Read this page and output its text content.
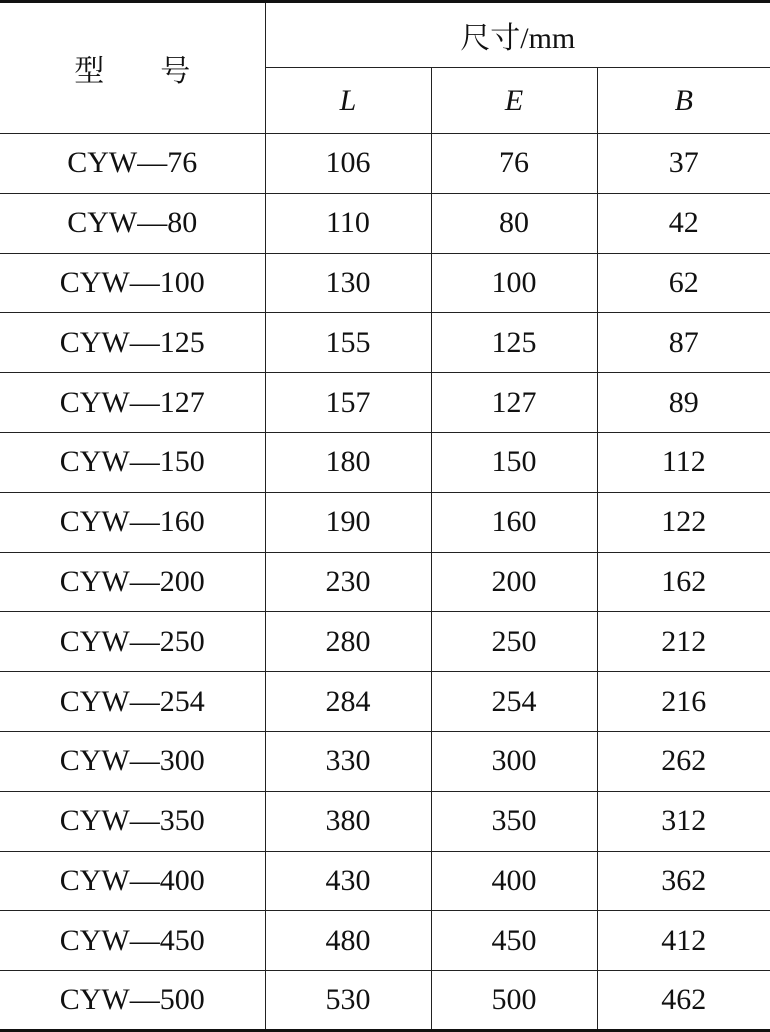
型 号	尺寸/mm		
	L	E	B
CYW—76	106	76	37
CYW—80	110	80	42
CYW—100	130	100	62
CYW—125	155	125	87
CYW—127	157	127	89
CYW—150	180	150	112
CYW—160	190	160	122
CYW—200	230	200	162
CYW—250	280	250	212
CYW—254	284	254	216
CYW—300	330	300	262
CYW—350	380	350	312
CYW—400	430	400	362
CYW—450	480	450	412
CYW—500	530	500	462
